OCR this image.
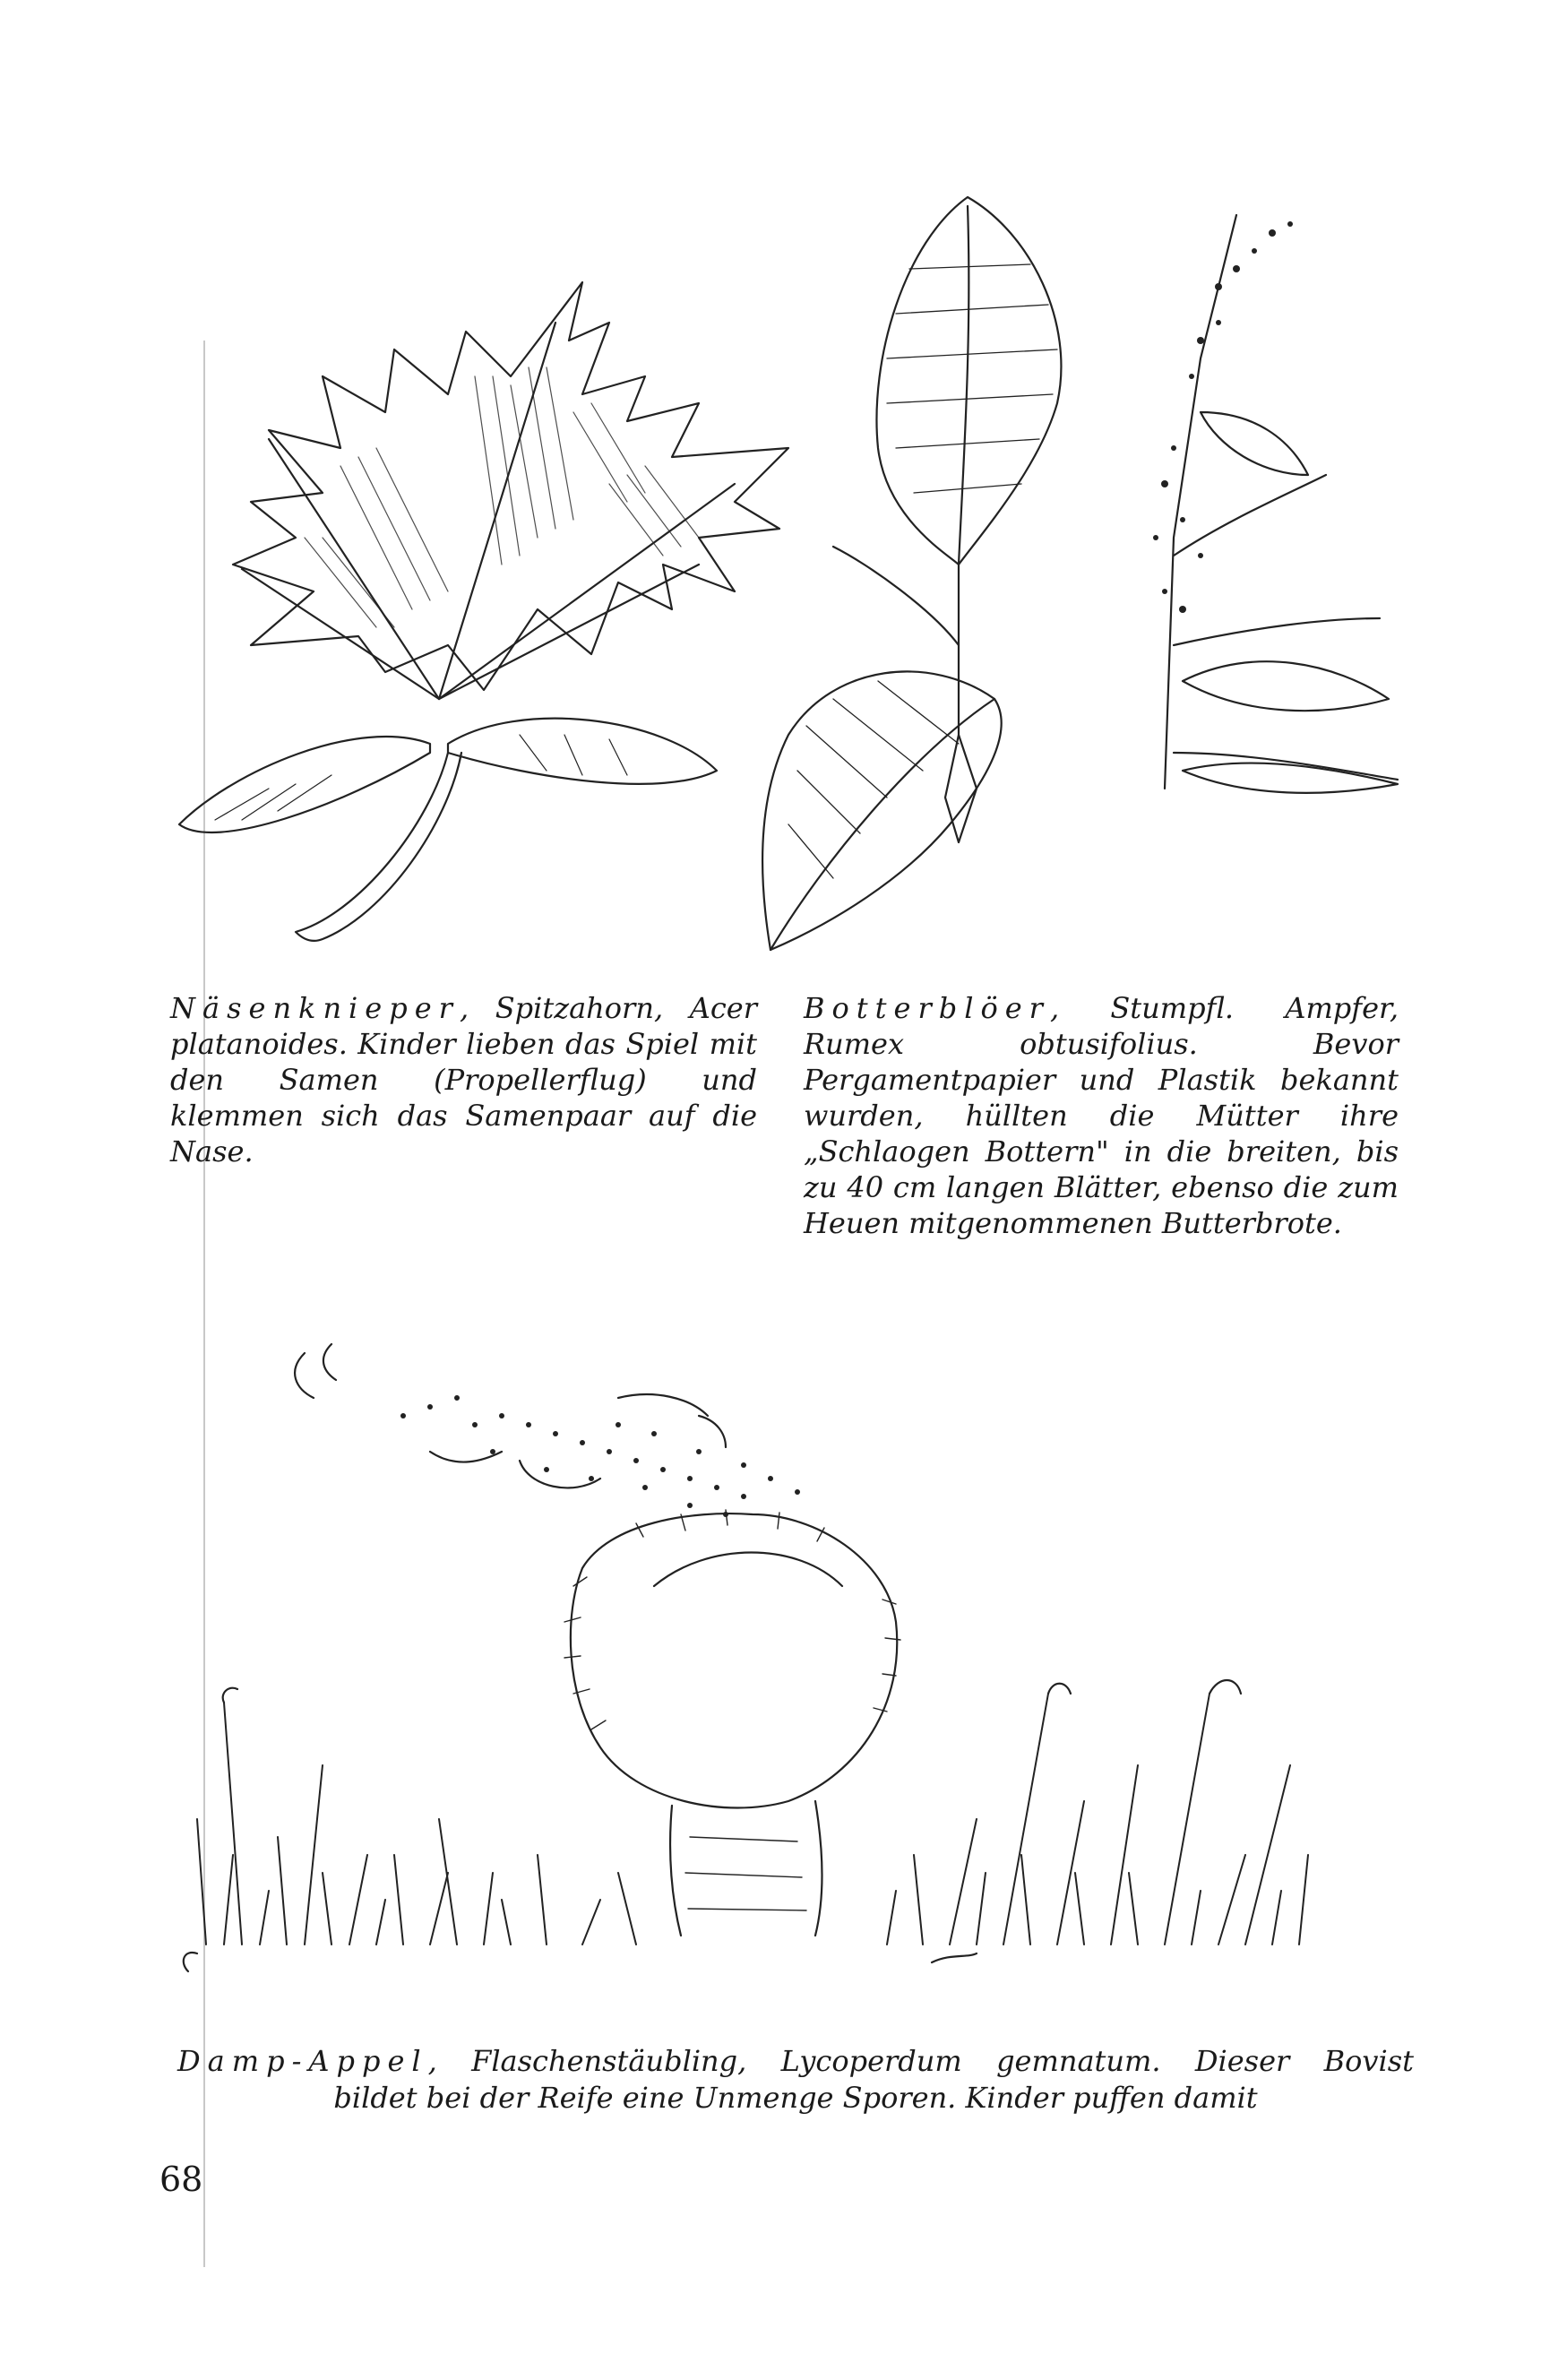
Näsenknieper, Spitzahorn, Acer platanoides. Kinder lieben das Spiel mit den Samen (Propellerflug) und klemmen sich das Samenpaar auf die Nase.
Botterblöer, Stumpfl. Ampfer, Rumex obtusifolius. Bevor Pergamentpapier und Plastik bekannt wurden, hüllten die Mütter ihre „Schlaogen Bottern" in die breiten, bis zu 40 cm langen Blätter, ebenso die zum Heuen mitgenommenen Butterbrote.
Damp-Appel, Flaschenstäubling, Lycoperdum gemnatum. Dieser Bovist
bildet bei der Reife eine Unmenge Sporen. Kinder puffen damit
68
